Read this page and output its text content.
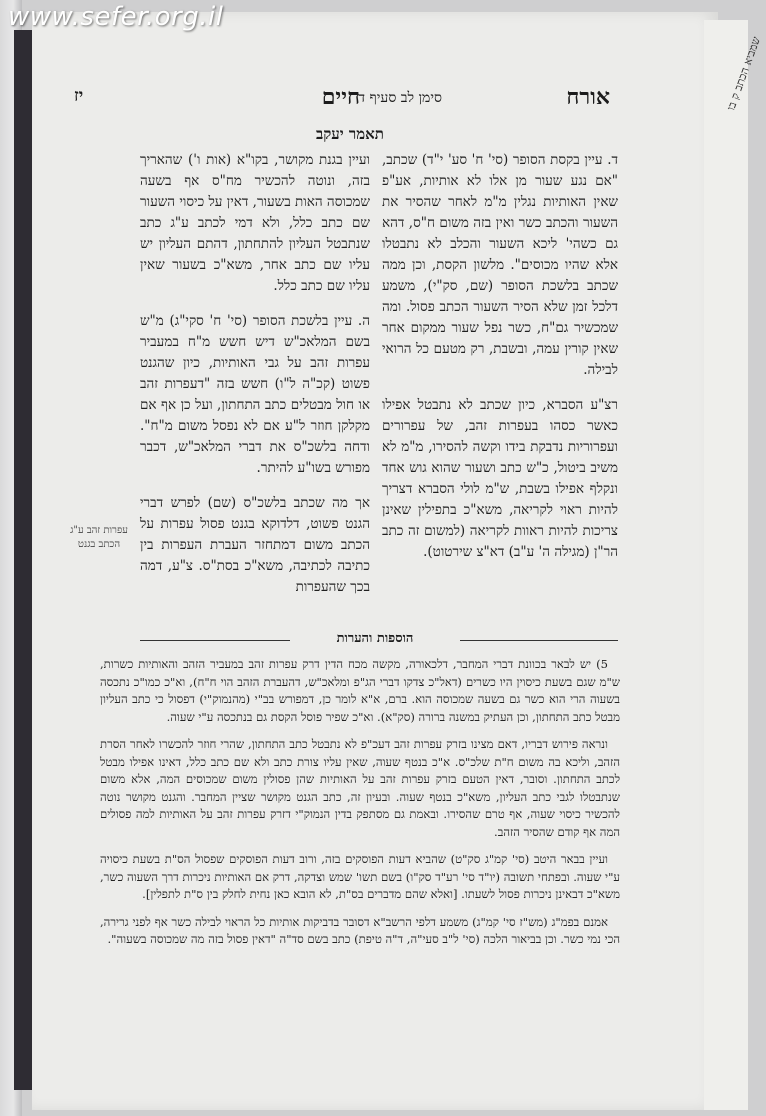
www.sefer.org.il
שמביא הכתב ק בו
אורח
סימן לב סעיף ד
חיים
יז
תאמר יעקב

ד. עיין בקסת הסופר (סי' ח' סע' י"ד) שכתב, "אם נגע שעור מן אלו לא אותיות, אע"פ שאין האותיות נגלין מ"מ לאחר שהסיר את השעור והכתב כשר ואין בזה משום ח"ס, דהא גם כשהי' ליכא השעור והכלב לא נתבטלו אלא שהיו מכוסים". מלשון הקסת, וכן ממה שכתב בלשכת הסופר (שם, סק"י), משמע דלכל זמן שלא הסיר השעור הכתב פסול. ומה שמכשיר גם"ח, כשר נפל שעור ממקום אחר שאין קורין עמה, ובשבת, רק מטעם כל הרואי לבילה.

רצ"ע הסברא, כיון שכתב לא נתבטל אפילו כאשר כסהו בעפרות זהב, של עפרורים ועפרוריות נדבקת בידו וקשה להסירו, מ"מ לא משיב ביטול, כ"ש כתב ושעור שהוא גוש אחד ונקלף אפילו בשבת, ש"מ לולי הסברא דצריך להיות ראוי לקריאה, משא"כ בתפילין שאינן צריכות להיות ראוות לקריאה (למשום זה כתב הר"ן (מגילה ה' ע"ב) דא"צ שירטוט).

ועיין בגנת מקושר, בקו"א (אות ו') שהאריך בזה, ונוטה להכשיר מח"ס אף בשעה שמכוסה האות בשעור, דאין על כיסוי השעור שם כתב כלל, ולא דמי לכתב ע"ג כתב שנתבטל העליון להתחתון, דהתם העליון יש עליו שם כתב אחר, משא"כ בשעור שאין עליו שם כתב כלל.

ה. עיין בלשכת הסופר (סי' ח' סקי"ג) מ"ש בשם המלאכ"ש דיש חשש מ"ח במעביר עפרות זהב על גבי האותיות, כיון שהגנט פשוט (קכ"ה ל"ו) חשש בזה "דעפרות זהב או חול מבטלים כתב התחתון, ועל כן אף אם מקלקן חוזר ל"ע אם לא נפסל משום מ"ח". ודחה בלשכ"ס את דברי המלאכ"ש, דכבר מפורש בשו"ע להיתר.

אך מה שכתב בלשכ"ס (שם) לפרש דברי הגנט פשוט, דלדוקא בגנט פסול עפרות על הכתב משום דמתחזר העברת העפרות בין כתיבה לכתיבה, משא"כ בסת"ס. צ"ע, דמה בכך שהעפרות

עפרות זהב ע"ג הכתב בגנט
הוספות והערות

5) יש לבאר בכוונת דברי המחבר, דלכאורה, מקשה מכח הדין דרק עפרות זהב במעביר הזהב והאותיות כשרות, ש"מ שגם בשעת כיסוין היו כשרים (דאל"כ צדקו דברי הג"פ ומלאכ"ש, דהעברת הזהב הוי ח"ח), וא"כ כמו"כ נתכסה בשעוה הרי הוא כשר גם בשעה שמכוסה הוא. ברם, א"א לומר כן, דמפורש בב"י (מהנמוק"י) דפסול כי כתב העליון מבטל כתב התחתון, וכן העתיק במשנה ברורה (סק"א). וא"כ שפיר פוסל הקסת גם בנתכסה ע"י שעוה.

ונראה פירוש דבריו, דאם מצינו בזרק עפרות זהב דעכ"פ לא נתבטל כתב התחתון, שהרי חוזר להכשרו לאחר הסרת הזהב, וליכא בה משום ח"ת שלכ"ס. א"כ בנטף שעוה, שאין עליו צורת כתב ולא שם כתב כלל, דאינו אפילו מבטל לכתב התחתון. וסובר, דאין הטעם בזרק עפרות זהב על האותיות שהן פסולין משום שמכוסים המה, אלא משום שנתבטלו לגבי כתב העליון, משא"כ בנטף שעוה. ובעיון זה, כתב הגנט מקושר שציין המחבר. והגנט מקושר נוטה להכשיר כיסוי שעוה, אף טרם שהסירו. ובאמת גם מסתפק בדין הנמוק"י דזרק עפרות זהב על האותיות למה פסולים המה אף קודם שהסיר הזהב.

ועיין בבאר היטב (סי' קמ"ג סק"ט) שהביא דעות הפוסקים בזה, ורוב דעות הפוסקים שפסול הס"ת בשעת כיסויה ע"י שעוה. ובפתחי תשובה (יו"ד סי' רע"ד סק"ו) בשם תשו' שמש וצדקה, דרק אם האותיות ניכרות דרך השעוה כשר, משא"כ דבאינן ניכרות פסול לשעתו. [ואלא שהם מדברים בס"ת, לא הובא כאן נחית לחלק בין ס"ת לתפלין].

אמנם בפמ"ג (מש"ז סי' קמ"ג) משמע דלפי הרשב"א דסובר בדביקות אותיות כל הראוי לבילה כשר אף לפני גרירה, הכי נמי כשר. וכן בביאור הלכה (סי' ל"ב סעי"ה, ד"ה טיפת) כתב בשם סד"ה "דאין פסול בזה מה שמכוסה בשעוה".
